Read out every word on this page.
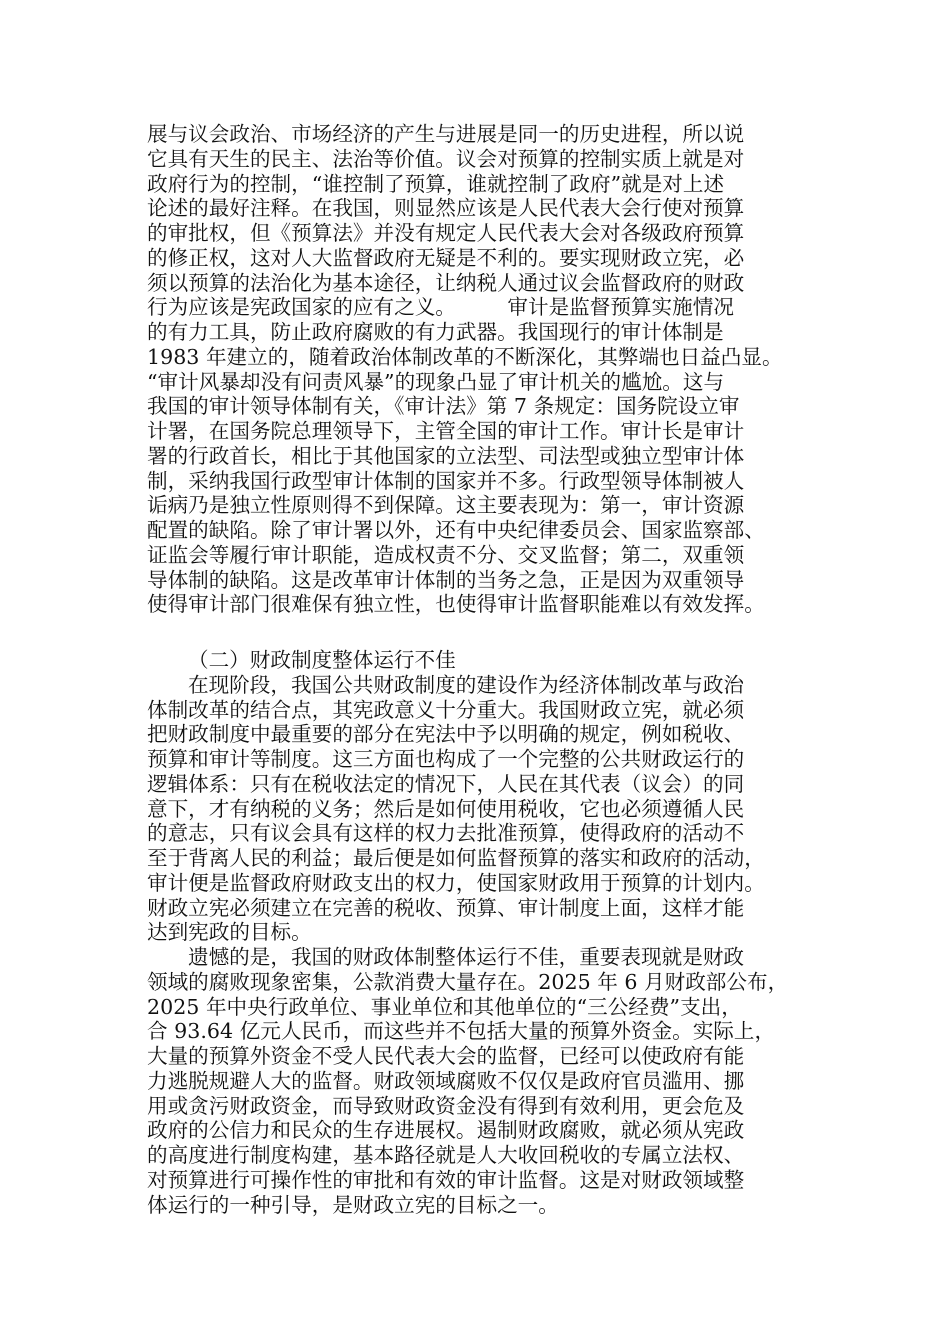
展与议会政治、市场经济的产生与进展是同一的历史进程，所以说
它具有天生的民主、法治等价值。议会对预算的控制实质上就是对
政府行为的控制，“谁控制了预算，谁就控制了政府”就是对上述
论述的最好注释。在我国，则显然应该是人民代表大会行使对预算
的审批权，但《预算法》并没有规定人民代表大会对各级政府预算
的修正权，这对人大监督政府无疑是不利的。要实现财政立宪，必
须以预算的法治化为基本途径，让纳税人通过议会监督政府的财政
行为应该是宪政国家的应有之义。　　　审计是监督预算实施情况
的有力工具，防止政府腐败的有力武器。我国现行的审计体制是
1983 年建立的，随着政治体制改革的不断深化，其弊端也日益凸显。
“审计风暴却没有问责风暴”的现象凸显了审计机关的尴尬。这与
我国的审计领导体制有关，《审计法》第 7 条规定：国务院设立审
计署，在国务院总理领导下，主管全国的审计工作。审计长是审计
署的行政首长，相比于其他国家的立法型、司法型或独立型审计体
制，采纳我国行政型审计体制的国家并不多。行政型领导体制被人
诟病乃是独立性原则得不到保障。这主要表现为：第一，审计资源
配置的缺陷。除了审计署以外，还有中央纪律委员会、国家监察部、
证监会等履行审计职能，造成权责不分、交叉监督；第二，双重领
导体制的缺陷。这是改革审计体制的当务之急，正是因为双重领导
使得审计部门很难保有独立性，也使得审计监督职能难以有效发挥。
（二）财政制度整体运行不佳
在现阶段，我国公共财政制度的建设作为经济体制改革与政治
体制改革的结合点，其宪政意义十分重大。我国财政立宪，就必须
把财政制度中最重要的部分在宪法中予以明确的规定，例如税收、
预算和审计等制度。这三方面也构成了一个完整的公共财政运行的
逻辑体系：只有在税收法定的情况下，人民在其代表（议会）的同
意下，才有纳税的义务；然后是如何使用税收，它也必须遵循人民
的意志，只有议会具有这样的权力去批准预算，使得政府的活动不
至于背离人民的利益；最后便是如何监督预算的落实和政府的活动，
审计便是监督政府财政支出的权力，使国家财政用于预算的计划内。
财政立宪必须建立在完善的税收、预算、审计制度上面，这样才能
达到宪政的目标。
遗憾的是，我国的财政体制整体运行不佳，重要表现就是财政
领域的腐败现象密集，公款消费大量存在。2025 年 6 月财政部公布，
2025 年中央行政单位、事业单位和其他单位的“三公经费”支出，
合 93.64 亿元人民币，而这些并不包括大量的预算外资金。实际上，
大量的预算外资金不受人民代表大会的监督，已经可以使政府有能
力逃脱规避人大的监督。财政领域腐败不仅仅是政府官员滥用、挪
用或贪污财政资金，而导致财政资金没有得到有效利用，更会危及
政府的公信力和民众的生存进展权。遏制财政腐败，就必须从宪政
的高度进行制度构建，基本路径就是人大收回税收的专属立法权、
对预算进行可操作性的审批和有效的审计监督。这是对财政领域整
体运行的一种引导，是财政立宪的目标之一。
